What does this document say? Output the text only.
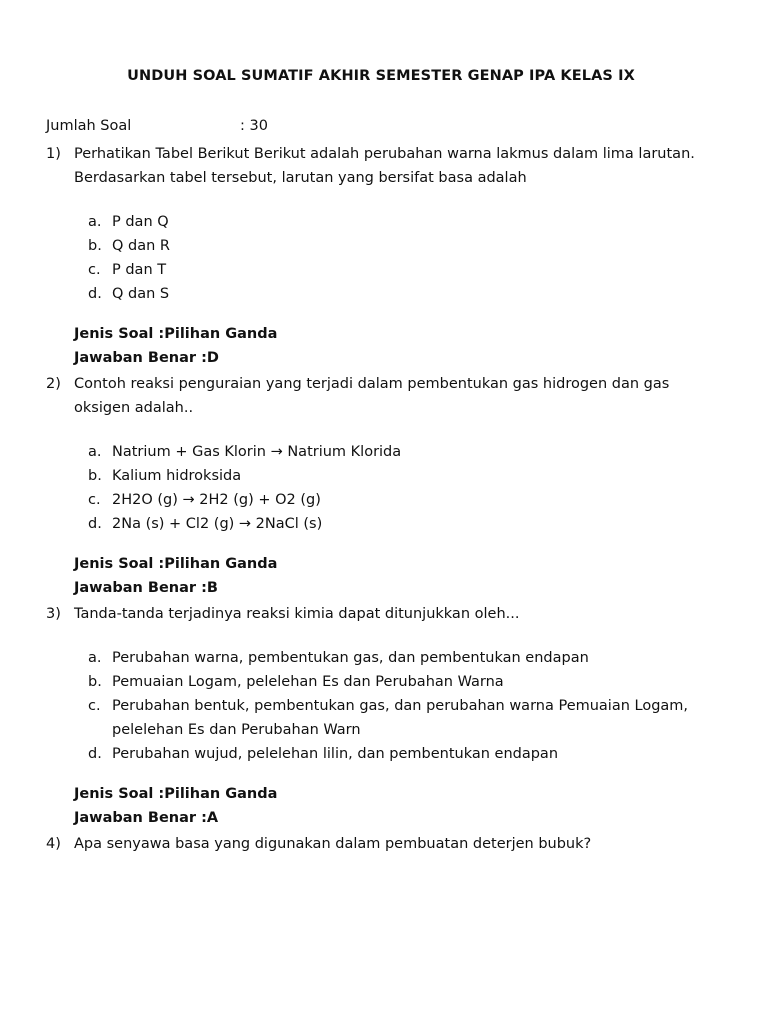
UNDUH SOAL SUMATIF AKHIR SEMESTER GENAP IPA KELAS IX
Jumlah Soal	: 30
1) Perhatikan Tabel Berikut Berikut adalah perubahan warna lakmus dalam lima larutan. Berdasarkan tabel tersebut, larutan yang bersifat basa adalah
a. P dan Q
b. Q dan R
c. P dan T
d. Q dan S
Jenis Soal :Pilihan Ganda
Jawaban Benar :D
2) Contoh reaksi penguraian yang terjadi dalam pembentukan gas hidrogen dan gas oksigen adalah..
a. Natrium + Gas Klorin → Natrium Klorida
b. Kalium hidroksida
c. 2H2O (g) → 2H2 (g) + O2 (g)
d. 2Na (s) + Cl2 (g) → 2NaCl (s)
Jenis Soal :Pilihan Ganda
Jawaban Benar :B
3) Tanda-tanda terjadinya reaksi kimia dapat ditunjukkan oleh...
a. Perubahan warna, pembentukan gas, dan pembentukan endapan
b. Pemuaian Logam, pelelehan Es dan Perubahan Warna
c. Perubahan bentuk, pembentukan gas, dan perubahan warna Pemuaian Logam, pelelehan Es dan Perubahan Warn
d. Perubahan wujud, pelelehan lilin, dan pembentukan endapan
Jenis Soal :Pilihan Ganda
Jawaban Benar :A
4) Apa senyawa basa yang digunakan dalam pembuatan deterjen bubuk?
